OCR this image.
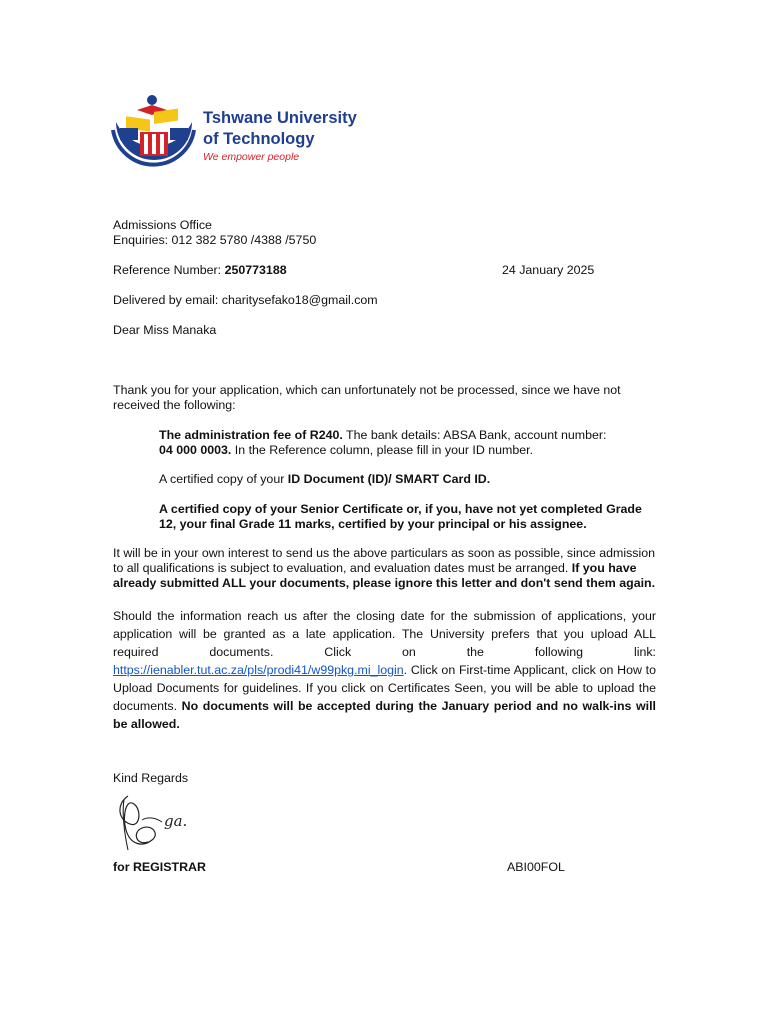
Tshwane University
of Technology
We empower people
Admissions Office
Enquiries: 012 382 5780 /4388 /5750
Reference Number: 250773188	24 January 2025
Delivered by email: charitysefako18@gmail.com
Dear Miss Manaka
Thank you for your application, which can unfortunately not be processed, since we have not received the following:
The administration fee of R240. The bank details: ABSA Bank, account number:
04 000 0003. In the Reference column, please fill in your ID number.
A certified copy of your ID Document (ID)/ SMART Card ID.
A certified copy of your Senior Certificate or, if you, have not yet completed Grade 12, your final Grade 11 marks, certified by your principal or his assignee.
It will be in your own interest to send us the above particulars as soon as possible, since admission to all qualifications is subject to evaluation, and evaluation dates must be arranged. If you have already submitted ALL your documents, please ignore this letter and don't send them again.
Should the information reach us after the closing date for the submission of applications, your application will be granted as a late application. The University prefers that you upload ALL required documents. Click on the following link: https://ienabler.tut.ac.za/pls/prodi41/w99pkg.mi_login. Click on First-time Applicant, click on How to Upload Documents for guidelines. If you click on Certificates Seen, you will be able to upload the documents. No documents will be accepted during the January period and no walk-ins will be allowed.
Kind Regards
ga.
for REGISTRAR	ABI00FOL
